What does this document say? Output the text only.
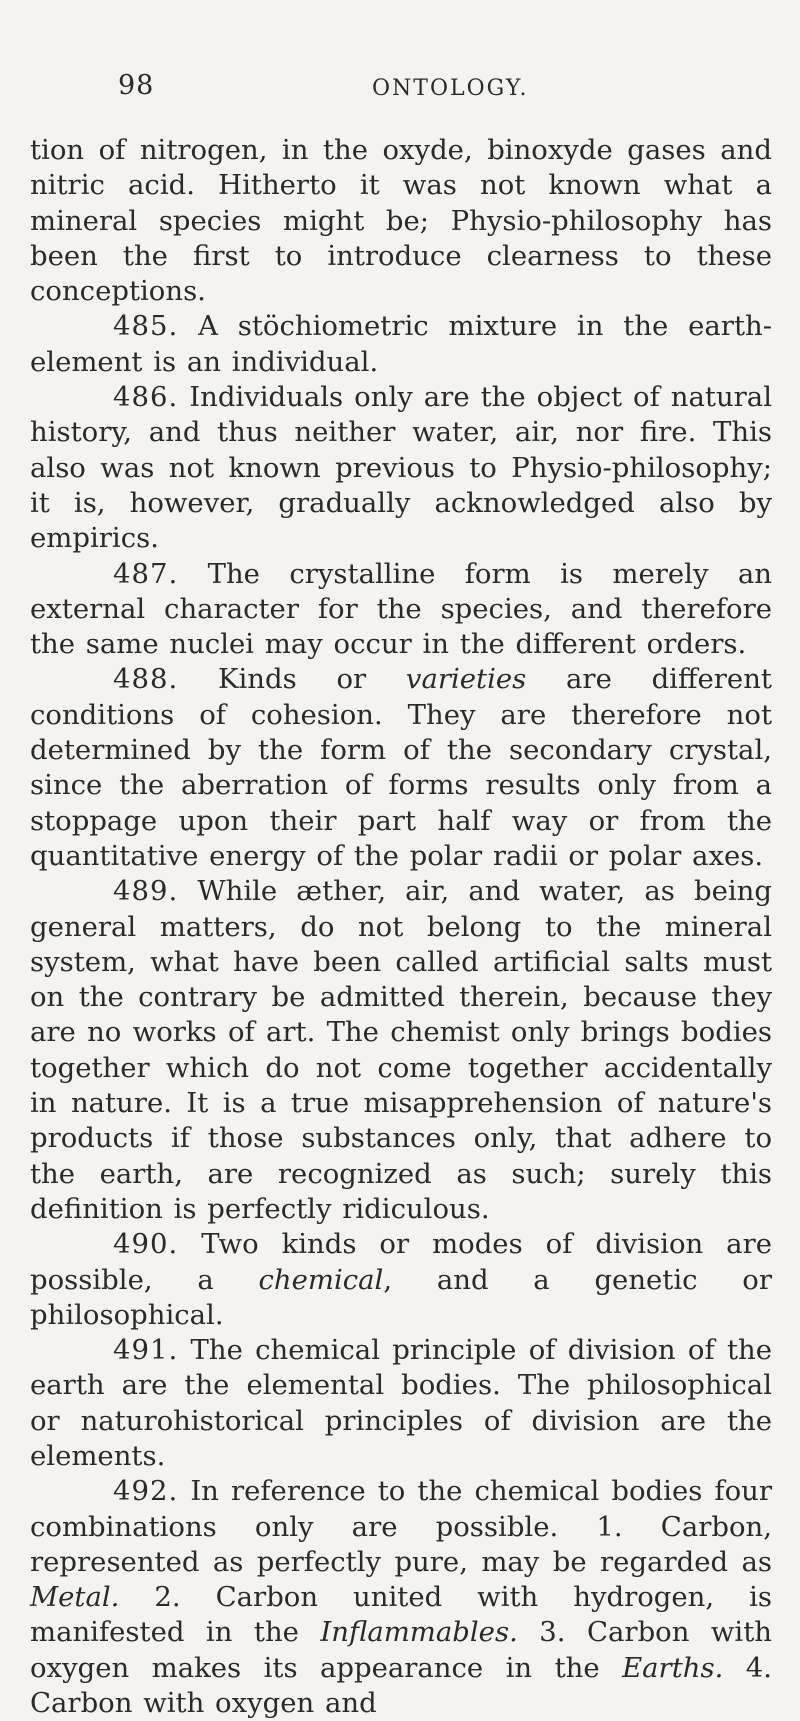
98	ONTOLOGY.

tion of nitrogen, in the oxyde, binoxyde gases and nitric acid. Hitherto it was not known what a mineral species might be; Physio-philosophy has been the first to introduce clearness to these conceptions.

485. A stöchiometric mixture in the earth-element is an individual.

486. Individuals only are the object of natural history, and thus neither water, air, nor fire. This also was not known previous to Physio-philosophy; it is, however, gradually acknowledged also by empirics.

487. The crystalline form is merely an external character for the species, and therefore the same nuclei may occur in the different orders.

488. Kinds or varieties are different conditions of cohesion. They are therefore not determined by the form of the secondary crystal, since the aberration of forms results only from a stoppage upon their part half way or from the quantitative energy of the polar radii or polar axes.

489. While æther, air, and water, as being general matters, do not belong to the mineral system, what have been called artificial salts must on the contrary be admitted therein, because they are no works of art. The chemist only brings bodies together which do not come together accidentally in nature. It is a true misapprehension of nature's products if those substances only, that adhere to the earth, are recognized as such; surely this definition is perfectly ridiculous.

490. Two kinds or modes of division are possible, a chemical, and a genetic or philosophical.

491. The chemical principle of division of the earth are the elemental bodies. The philosophical or naturohistorical principles of division are the elements.

492. In reference to the chemical bodies four combinations only are possible. 1. Carbon, represented as perfectly pure, may be regarded as Metal. 2. Carbon united with hydrogen, is manifested in the Inflammables. 3. Carbon with oxygen makes its appearance in the Earths. 4. Carbon with oxygen and
